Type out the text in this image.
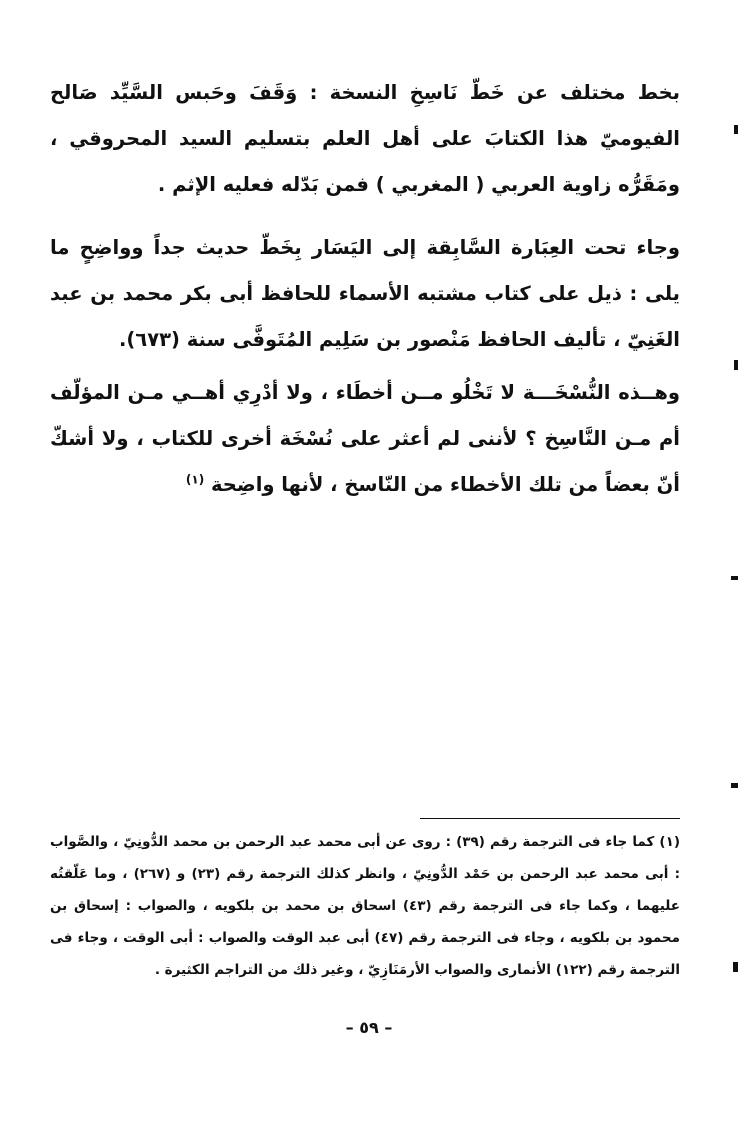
بخط مختلف عن خَطّ نَاسِخِ النسخة : وَقَفَ وحَبس السَّيِّد صَالح الفيوميّ هذا الكتابَ على أهل العلم بتسليم السيد المحروقي ، ومَقَرُّه زاوية العربي ( المغربي ) فمن بَدّله فعليه الإثم .

وجاء تحت العِبَارة السَّابِقة إلى اليَسَار بِخَطّ حديث جداً وواضِحٍ ما يلى : ذيل على كتاب مشتبه الأسماء للحافظ أبى بكر محمد بن عبد الغَنِيّ ، تأليف الحافظ مَنْصور بن سَلِيم المُتَوفَّى سنة (٦٧٣).

وهــذه النُّسْخَـــة لا تَخْلُو مــن أخطَاء ، ولا أدْرِي أهــي مـن المؤلّف أم مـن النَّاسِخ ؟ لأننى لم أعثر على نُسْخَة أخرى للكتاب ، ولا أشكّ أنّ بعضاً من تلك الأخطاء من النّاسخ ، لأنها واضِحة $^{(١)}$

(١) كما جاء فى الترجمة رقم (٣٩) : روى عن أبى محمد عبد الرحمن بن محمد الدُّونِيّ ، والصَّواب : أبى محمد عبد الرحمن بن حَمْد الدُّونِيّ ، وانظر كذلك الترجمة رقم (٢٣) و (٢٦٧) ، وما عَلّقتُه عليهما ، وكما جاء فى الترجمة رقم (٤٣) اسحاق بن محمد بن بلكويه ، والصواب : إسحاق بن محمود بن بلكويه ، وجاء فى الترجمة رقم (٤٧) أبى عبد الوقت والصواب : أبى الوقت ، وجاء فى الترجمة رقم (١٢٢) الأنمارى والصواب الأرمَنَازِيّ ، وغير ذلك من التراجم الكثيرة .

– ٥٩ –
